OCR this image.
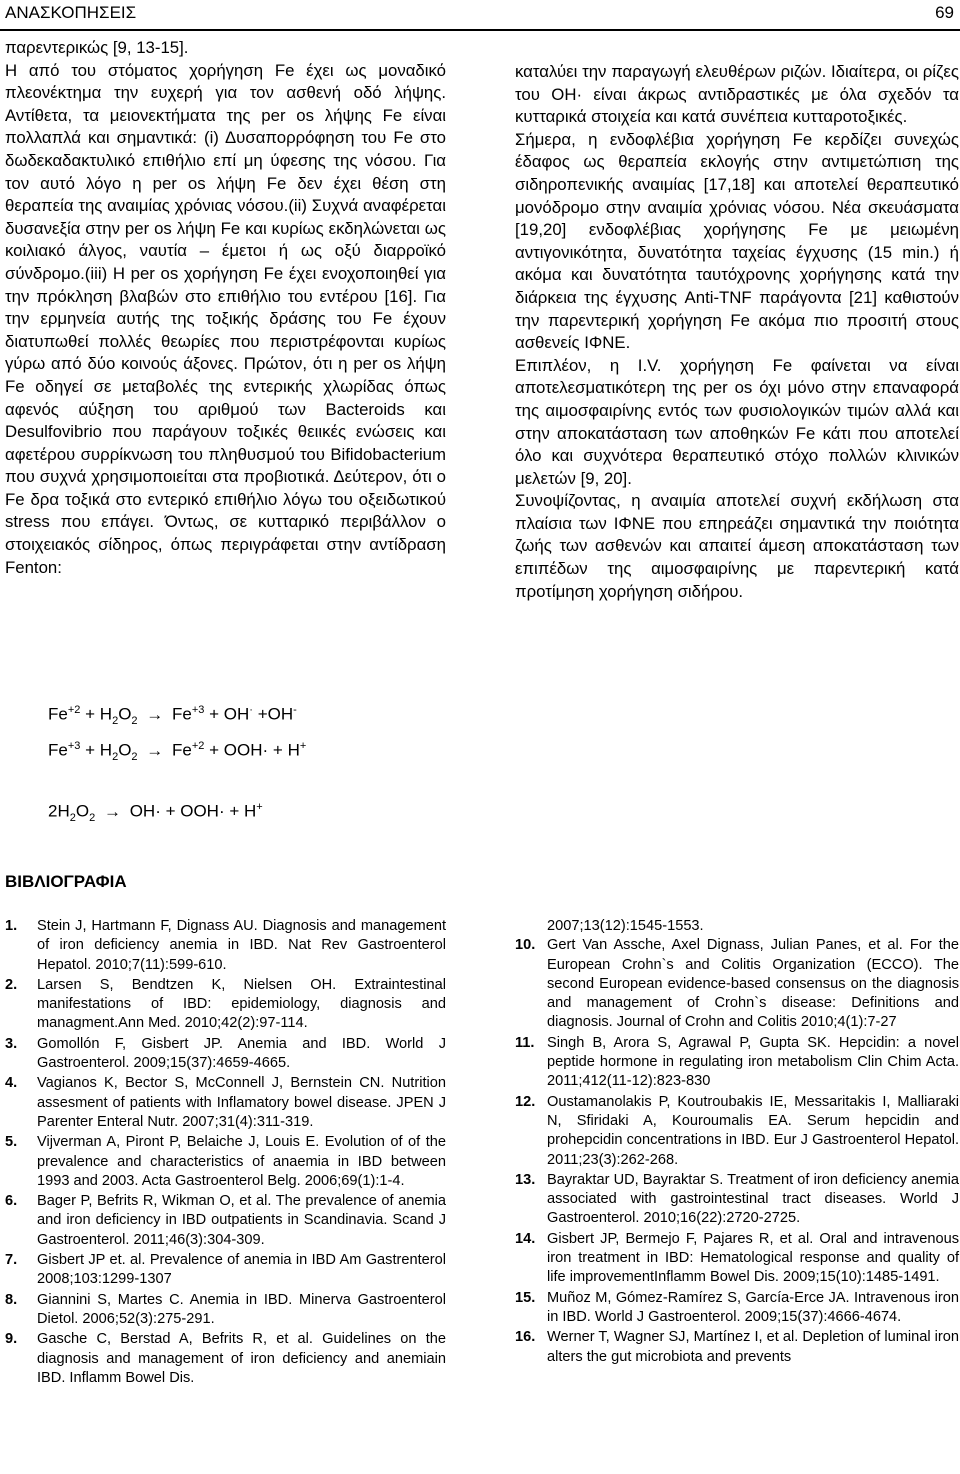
ΑΝΑΣΚΟΠΗΣΕΙΣ	69

παρεντερικώς [9, 13-15].

Η από του στόματος χορήγηση Fe έχει ως μοναδικό πλεονέκτημα την ευχερή για τον ασθενή οδό λήψης. Αντίθετα, τα μειονεκτήματα της per os λήψης Fe είναι πολλαπλά και σημαντικά: (i) Δυσαπορρόφηση του Fe στο δωδεκαδακτυλικό επιθήλιο επί μη ύφεσης της νόσου. Για τον αυτό λόγο η per os λήψη Fe δεν έχει θέση στη θεραπεία της αναιμίας χρόνιας νόσου.(ii) Συχνά αναφέρεται δυσανεξία στην per os λήψη Fe και κυρίως εκδηλώνεται ως κοιλιακό άλγος, ναυτία – έμετοι ή ως οξύ διαρροϊκό σύνδρομο.(iii) Η per os χορήγηση Fe έχει ενοχοποιηθεί για την πρόκληση βλαβών στο επιθήλιο του εντέρου [16]. Για την ερμηνεία αυτής της τοξικής δράσης του Fe έχουν διατυπωθεί πολλές θεωρίες που περιστρέφονται κυρίως γύρω από δύο κοινούς άξονες. Πρώτον, ότι η per os λήψη Fe οδηγεί σε μεταβολές της εντερικής χλωρίδας όπως αφενός αύξηση του αριθμού των Bacteroids και Desulfovibrio που παράγουν τοξικές θειικές ενώσεις και αφετέρου συρρίκνωση του πληθυσμού του Bifidobacterium που συχνά χρησιμοποιείται στα προβιοτικά. Δεύτερον, ότι ο Fe δρα τοξικά στο εντερικό επιθήλιο λόγω του οξειδωτικού stress που επάγει. Όντως, σε κυτταρικό περιβάλλον ο στοιχειακός σίδηρος, όπως περιγράφεται στην αντίδραση Fenton:

$Fe^{+2} + H_2O_2 \to Fe^{+3} + OH^\cdot +OH^-$
$Fe^{+3} + H_2O_2 \to Fe^{+2} + OOH\cdot + H^+$
$2H_2O_2 \to OH\cdot + OOH\cdot + H^+$

καταλύει την παραγωγή ελευθέρων ριζών. Ιδιαίτερα, οι ρίζες του OH· είναι άκρως αντιδραστικές με όλα σχεδόν τα κυτταρικά στοιχεία και κατά συνέπεια κυτταροτοξικές.

Σήμερα, η ενδοφλέβια χορήγηση Fe κερδίζει συνεχώς έδαφος ως θεραπεία εκλογής στην αντιμετώπιση της σιδηροπενικής αναιμίας [17,18] και αποτελεί θεραπευτικό μονόδρομο στην αναιμία χρόνιας νόσου. Νέα σκευάσματα [19,20] ενδοφλέβιας χορήγησης Fe με μειωμένη αντιγονικότητα, δυνατότητα ταχείας έγχυσης (15 min.) ή ακόμα και δυνατότητα ταυτόχρονης χορήγησης κατά την διάρκεια της έγχυσης Anti-TNF παράγοντα [21] καθιστούν την παρεντερική χορήγηση Fe ακόμα πιο προσιτή στους ασθενείς ΙΦΝΕ.

Επιπλέον, η I.V. χορήγηση Fe φαίνεται να είναι αποτελεσματικότερη της per os όχι μόνο στην επαναφορά της αιμοσφαιρίνης εντός των φυσιολογικών τιμών αλλά και στην αποκατάσταση των αποθηκών Fe κάτι που αποτελεί όλο και συχνότερα θεραπευτικό στόχο πολλών κλινικών μελετών [9, 20].

Συνοψίζοντας, η αναιμία αποτελεί συχνή εκδήλωση στα πλαίσια των ΙΦΝΕ που επηρεάζει σημαντικά την ποιότητα ζωής των ασθενών και απαιτεί άμεση αποκατάσταση των επιπέδων της αιμοσφαιρίνης με παρεντερική κατά προτίμηση χορήγηση σιδήρου.

ΒΙΒΛΙΟΓΡΑΦΙΑ
1.	Stein J, Hartmann F, Dignass AU. Diagnosis and management of iron deficiency anemia in IBD. Nat Rev Gastroenterol Hepatol. 2010;7(11):599-610.
2.	Larsen S, Bendtzen K, Nielsen OH. Extraintestinal manifestations of IBD: epidemiology, diagnosis and managment.Ann Med. 2010;42(2):97-114.
3.	Gomollón F, Gisbert JP. Anemia and IBD. World J Gastroenterol. 2009;15(37):4659-4665.
4.	Vagianos K, Bector S, McConnell J, Bernstein CN. Nutrition assesment of patients with Inflamatory bowel disease. JPEN J Parenter Enteral Nutr. 2007;31(4):311-319.
5.	Vijverman A, Piront P, Belaiche J, Louis E. Evolution of of the prevalence and characteristics of anaemia in IBD between 1993 and 2003. Acta Gastroenterol Belg. 2006;69(1):1-4.
6.	Bager P, Befrits R, Wikman O, et al. The prevalence of anemia and iron deficiency in IBD outpatients in Scandinavia. Scand J Gastroenterol. 2011;46(3):304-309.
7.	Gisbert JP et. al. Prevalence of anemia in IBD Am Gastrenterol 2008;103:1299-1307
8.	Giannini S, Martes C. Anemia in IBD. Minerva Gastroenterol Dietol. 2006;52(3):275-291.
9.	Gasche C, Berstad A, Befrits R, et al. Guidelines on the diagnosis and management of iron deficiency and anemiain IBD. Inflamm Bowel Dis.
2007;13(12):1545-1553.
10. Gert Van Assche, Axel Dignass, Julian Panes, et al. For the European Crohn`s and Colitis Organization (ECCO). The second European evidence-based consensus on the diagnosis and management of Crohn`s disease: Definitions and diagnosis. Journal of Crohn and Colitis 2010;4(1):7-27
11. Singh B, Arora S, Agrawal P, Gupta SK. Hepcidin: a novel peptide hormone in regulating iron metabolism Clin Chim Acta. 2011;412(11-12):823-830
12. Oustamanolakis P, Koutroubakis IE, Messaritakis I, Malliaraki N, Sfiridaki A, Kouroumalis EA. Serum hepcidin and prohepcidin concentrations in IBD. Eur J Gastroenterol Hepatol. 2011;23(3):262-268.
13. Bayraktar UD, Bayraktar S. Treatment of iron deficiency anemia associated with gastrointestinal tract diseases. World J Gastroenterol. 2010;16(22):2720-2725.
14. Gisbert JP, Bermejo F, Pajares R, et al. Oral and intravenous iron treatment in IBD: Hematological response and quality of life improvementInflamm Bowel Dis. 2009;15(10):1485-1491.
15. Muñoz M, Gómez-Ramírez S, García-Erce JA. Intravenous iron in IBD. World J Gastroenterol. 2009;15(37):4666-4674.
16. Werner T, Wagner SJ, Martínez I, et al. Depletion of luminal iron alters the gut microbiota and prevents
